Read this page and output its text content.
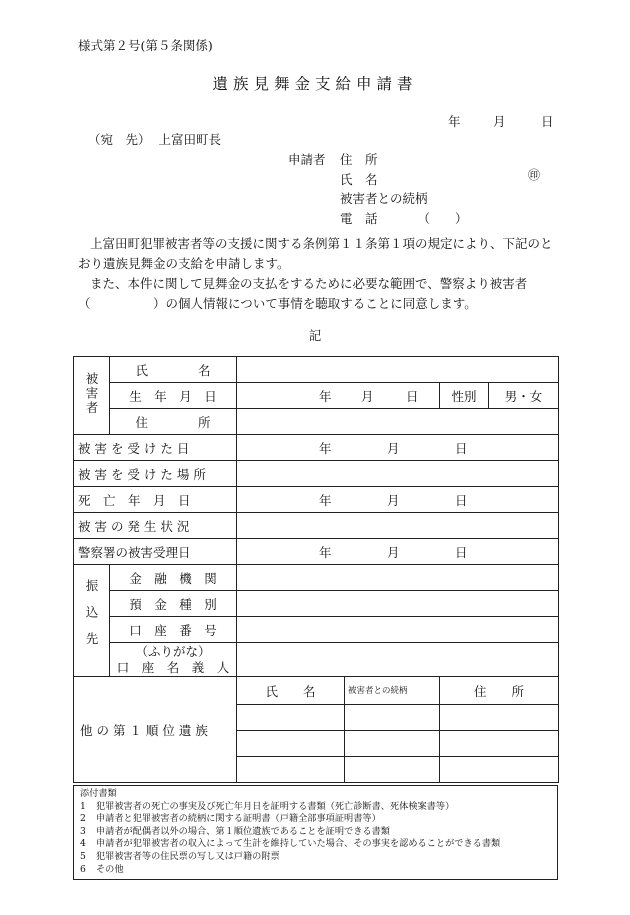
様式第２号(第５条関係)
遺族見舞金支給申請書
年	月	日
（宛　先） 上富田町長
申請者 住　所
氏　名
被害者との続柄
電　話	（　　）
㊞

上富田町犯罪被害者等の支援に関する条例第１１条第１項の規定により、下記のとおり遺族見舞金の支給を申請します。

また、本件に関して見舞金の支払をするために必要な範囲で、警察より被害者（　　　　　）の個人情報について事情を聴取することに同意します。

記
被害者	氏　　　　名				
	生　年　月　日	年 月 日		性別	男・女
	住　　　　所				
被 害 を 受 け た 日		年 月 日			
被 害 を 受 け た 場 所					
死　亡　年　月　日		年 月 日			
被 害 の 発 生 状 況					
警察署の被害受理日		年 月 日			
振込先	金　融　機　関				
	預　金　種　別				
	口　座　番　号				

	（ふりがな）
口　座　名　義　人				

他 の 第 １ 順 位 遺 族		氏　　名	被害者との続柄	住　　所	

添付書類
1 犯罪被害者の死亡の事実及び死亡年月日を証明する書類（死亡診断書、死体検案書等）
2 申請者と犯罪被害者の続柄に関する証明書（戸籍全部事項証明書等）
3 申請者が配偶者以外の場合、第１順位遺族であることを証明できる書類
4 申請者が犯罪被害者の収入によって生計を維持していた場合、その事実を認めることができる書類
5 犯罪被害者等の住民票の写し又は戸籍の附票
6 その他
